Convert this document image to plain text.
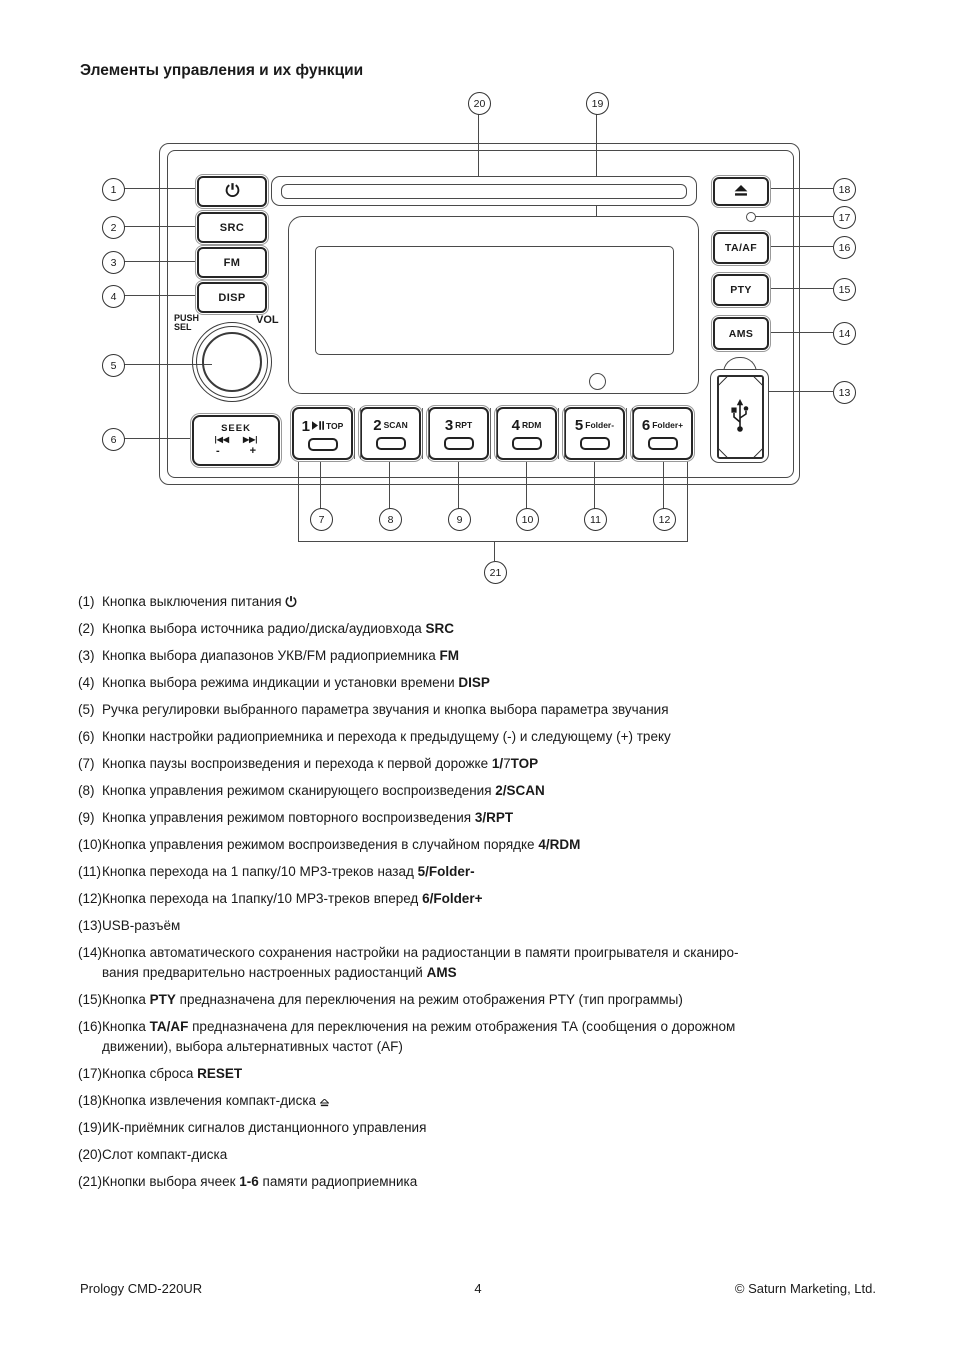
Элементы управления и их функции
SRC
FM
DISP
PUSH
SEL
VOL
SEEK
|◀◀ ▶▶|
-	+
1 TOP 2 SCAN 3 RPT	4 RDM 5 Folder- 6 Folder+
TA/AF
PTY
AMS
1
2
3
4
5
6
7	8	9	10	11	12
13
14
15
16
17
18
19
20
21
(1) Кнопка выключения питания
(2) Кнопка выбора источника радио/диска/аудиовхода SRC
(3) Кнопка выбора диапазонов УКВ/FM радиоприемника FM
(4) Кнопка выбора режима индикации и установки времени DISP
(5) Ручка регулировки выбранного параметра звучания и кнопка выбора параметра звучания
(6) Кнопки настройки радиоприемника и перехода к предыдущему (-) и следующему (+) треку
(7) Кнопка паузы воспроизведения и перехода к первой дорожке 1/7TOP
(8) Кнопка управления режимом сканирующего воспроизведения 2/SCAN
(9) Кнопка управления режимом повторного воспроизведения 3/RPT
(10) Кнопка управления режимом воспроизведения в случайном порядке 4/RDM
(11) Кнопка перехода на 1 папку/10 МР3-треков назад 5/Folder-
(12) Кнопка перехода на 1папку/10 МР3-треков вперед 6/Folder+
(13) USB-разъём
(14) Кнопка автоматического сохранения настройки на радиостанции в памяти проигрывателя и сканиро-
вания предварительно настроенных радиостанций AMS
(15) Кнопка PTY предназначена для переключения на режим отображения PTY (тип программы)
(16) Кнопка TA/AF предназначена для переключения на режим отображения ТА (сообщения о дорожном
движении), выбора альтернативных частот (AF)
(17) Кнопка сброса RESET
(18) Кнопка извлечения компакт-диска
(19) ИК-приёмник сигналов дистанционного управления
(20) Слот компакт-диска
(21) Кнопки выбора ячеек 1-6 памяти радиоприемника
Prology CMD-220UR	4	© Saturn Marketing, Ltd.
